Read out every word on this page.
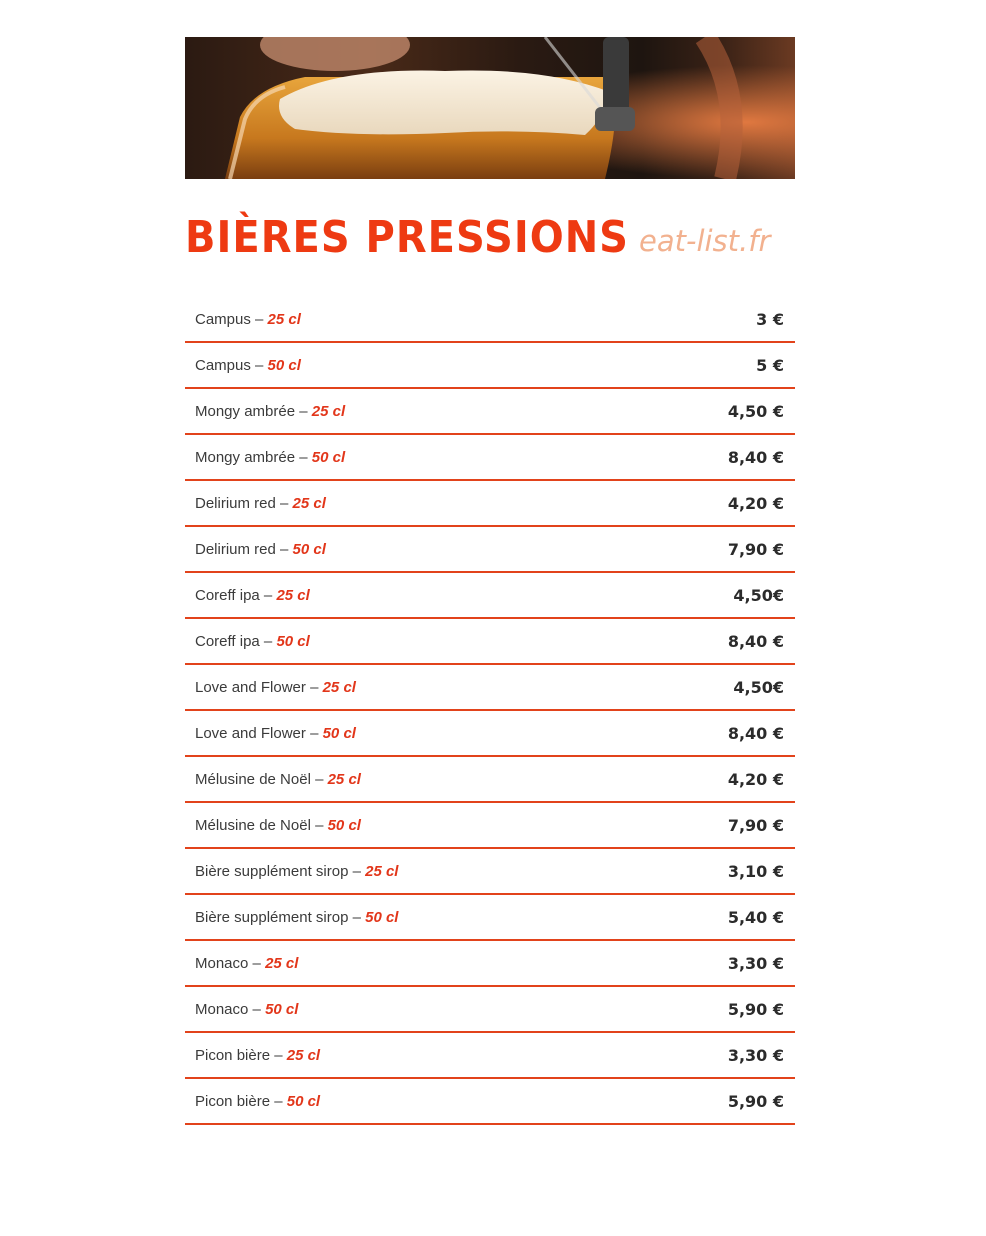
BIÈRES PRESSIONS eat-list.fr
Campus – 25 cl	3 €
Campus – 50 cl	5 €
Mongy ambrée – 25 cl	4,50 €
Mongy ambrée – 50 cl	8,40 €
Delirium red – 25 cl	4,20 €
Delirium red – 50 cl	7,90 €
Coreff ipa – 25 cl	4,50€
Coreff ipa – 50 cl	8,40 €
Love and Flower – 25 cl	4,50€
Love and Flower – 50 cl	8,40 €
Mélusine de Noël – 25 cl	4,20 €
Mélusine de Noël – 50 cl	7,90 €
Bière supplément sirop – 25 cl	3,10 €
Bière supplément sirop – 50 cl	5,40 €
Monaco – 25 cl	3,30 €
Monaco – 50 cl	5,90 €
Picon bière – 25 cl	3,30 €
Picon bière – 50 cl	5,90 €
